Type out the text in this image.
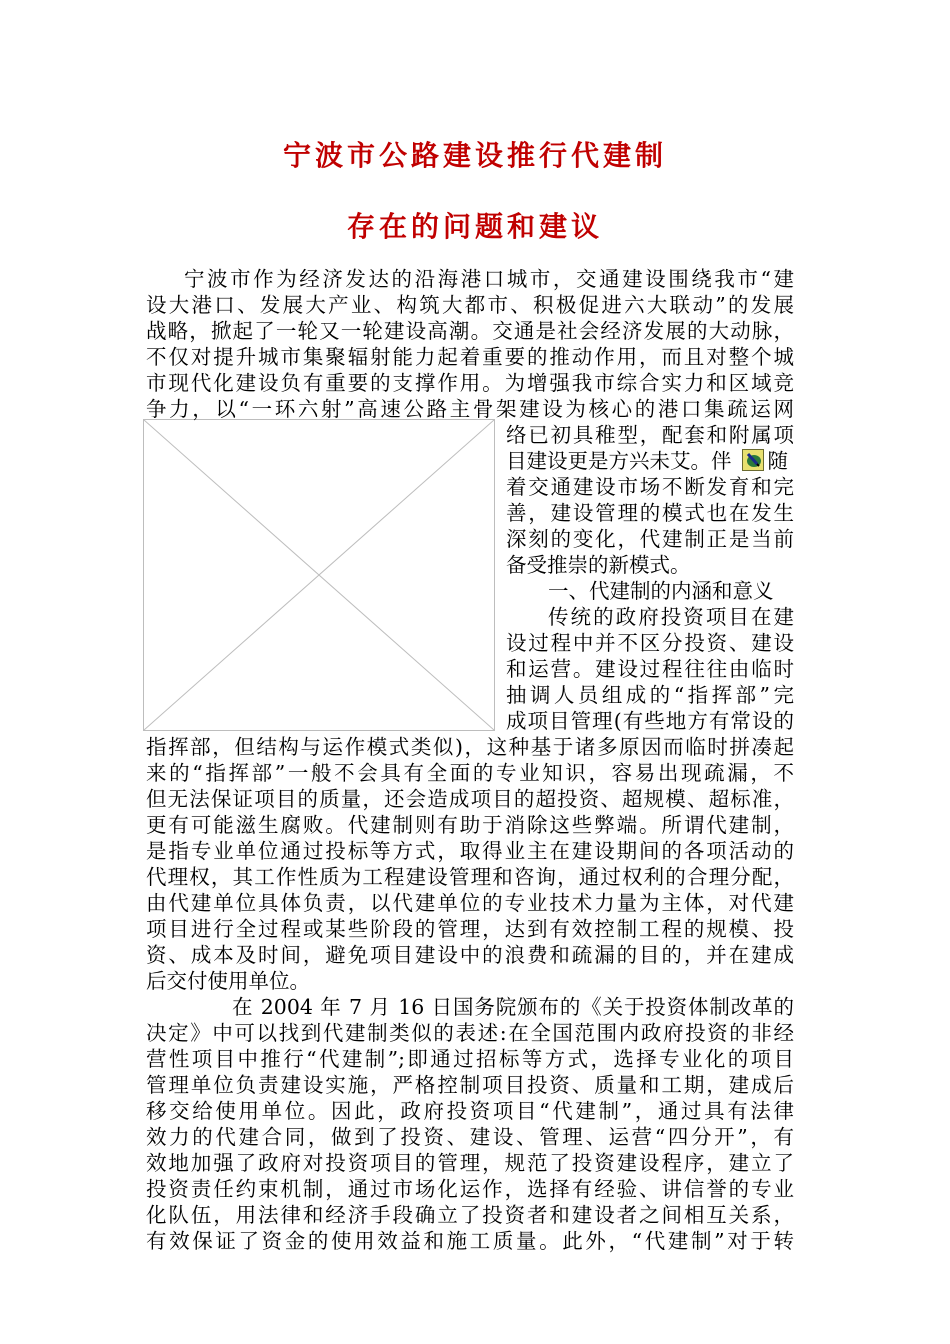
宁波市公路建设推行代建制
存在的问题和建议
宁波市作为经济发达的沿海港口城市，交通建设围绕我市“建
设大港口、发展大产业、构筑大都市、积极促进六大联动”的发展
战略，掀起了一轮又一轮建设高潮。交通是社会经济发展的大动脉，
不仅对提升城市集聚辐射能力起着重要的推动作用，而且对整个城
市现代化建设负有重要的支撑作用。为增强我市综合实力和区域竞
争力，以“一环六射”高速公路主骨架建设为核心的港口集疏运网
络已初具稚型，配套和附属项
目建设更是方兴未艾。伴 随
着交通建设市场不断发育和完
善，建设管理的模式也在发生
深刻的变化，代建制正是当前
备受推崇的新模式。
一、代建制的内涵和意义
传统的政府投资项目在建
设过程中并不区分投资、建设
和运营。建设过程往往由临时
抽调人员组成的“指挥部”完
成项目管理(有些地方有常设的
指挥部，但结构与运作模式类似)，这种基于诸多原因而临时拼凑起
来的“指挥部”一般不会具有全面的专业知识，容易出现疏漏，不
但无法保证项目的质量，还会造成项目的超投资、超规模、超标准，
更有可能滋生腐败。代建制则有助于消除这些弊端。所谓代建制，
是指专业单位通过投标等方式，取得业主在建设期间的各项活动的
代理权，其工作性质为工程建设管理和咨询，通过权利的合理分配，
由代建单位具体负责，以代建单位的专业技术力量为主体，对代建
项目进行全过程或某些阶段的管理，达到有效控制工程的规模、投
资、成本及时间，避免项目建设中的浪费和疏漏的目的，并在建成
后交付使用单位。
在 2004 年 7 月 16 日国务院颁布的《关于投资体制改革的
决定》中可以找到代建制类似的表述:在全国范围内政府投资的非经
营性项目中推行“代建制”;即通过招标等方式，选择专业化的项目
管理单位负责建设实施，严格控制项目投资、质量和工期，建成后
移交给使用单位。因此，政府投资项目“代建制”，通过具有法律
效力的代建合同，做到了投资、建设、管理、运营“四分开”，有
效地加强了政府对投资项目的管理，规范了投资建设程序，建立了
投资责任约束机制，通过市场化运作，选择有经验、讲信誉的专业
化队伍，用法律和经济手段确立了投资者和建设者之间相互关系，
有效保证了资金的使用效益和施工质量。此外，“代建制”对于转
